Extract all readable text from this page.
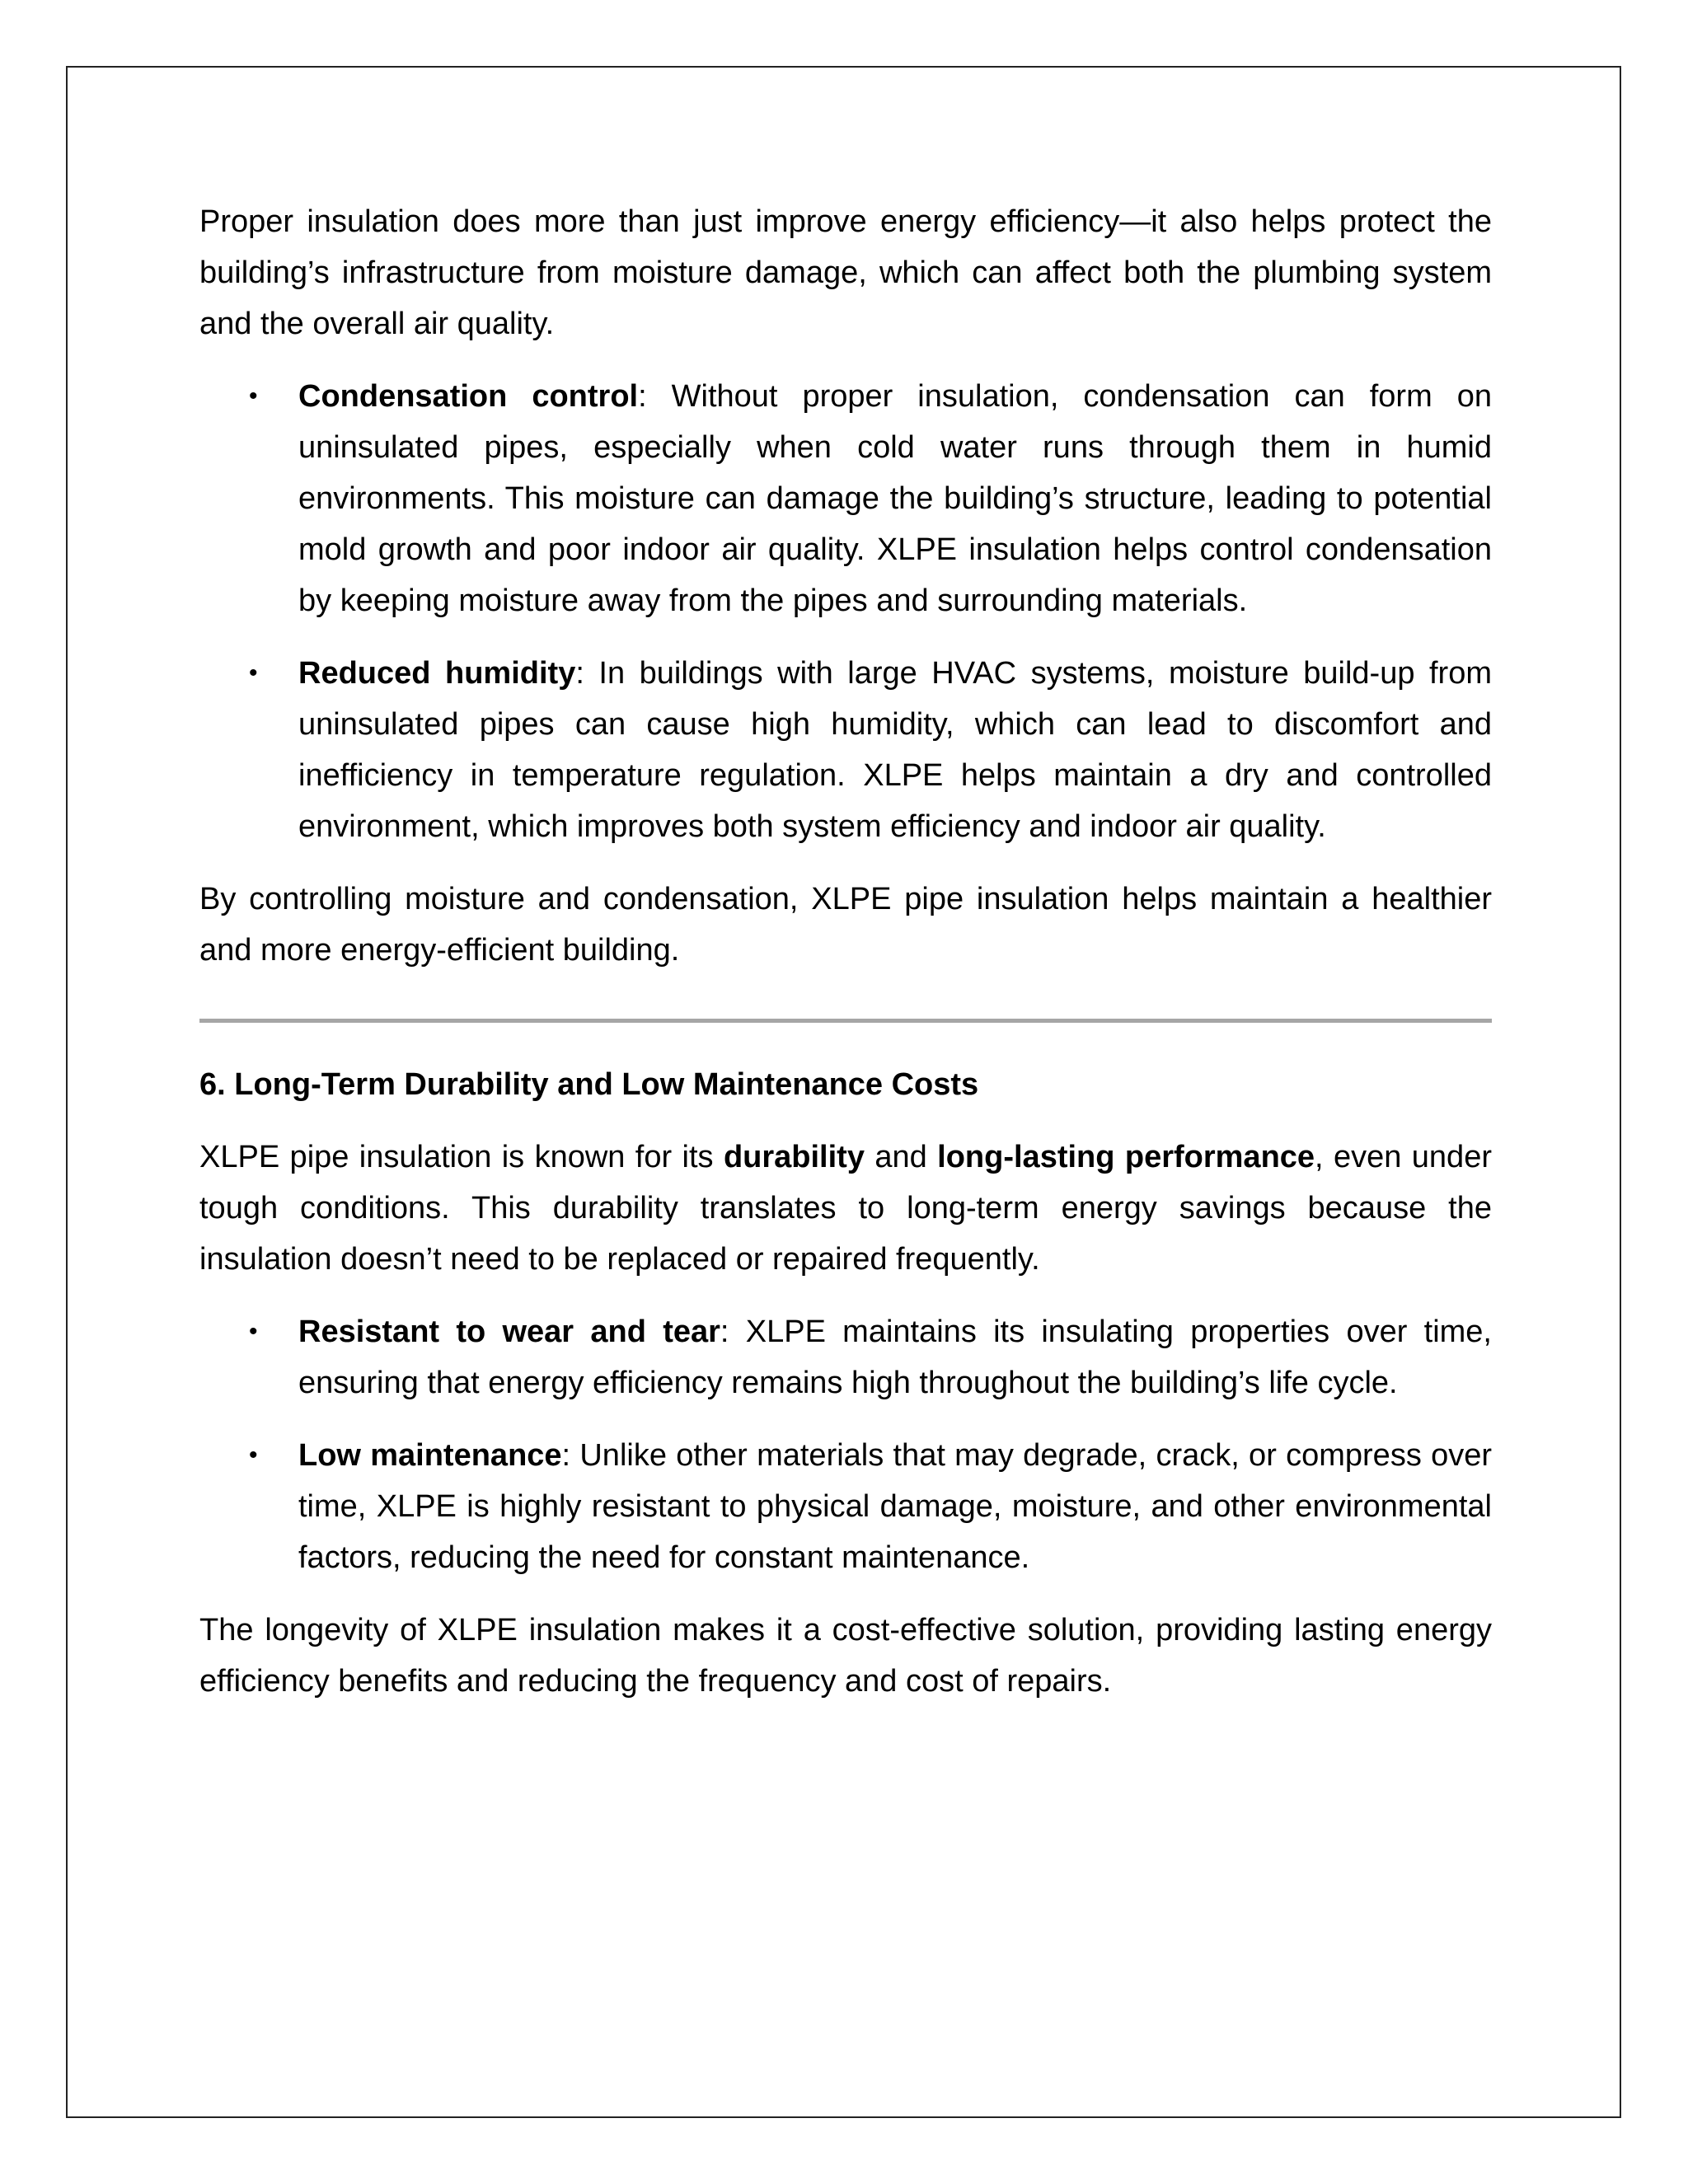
Proper insulation does more than just improve energy efficiency—it also helps protect the building’s infrastructure from moisture damage, which can affect both the plumbing system and the overall air quality.

• Condensation control: Without proper insulation, condensation can form on uninsulated pipes, especially when cold water runs through them in humid environments. This moisture can damage the building’s structure, leading to potential mold growth and poor indoor air quality. XLPE insulation helps control condensation by keeping moisture away from the pipes and surrounding materials.
• Reduced humidity: In buildings with large HVAC systems, moisture build-up from uninsulated pipes can cause high humidity, which can lead to discomfort and inefficiency in temperature regulation. XLPE helps maintain a dry and controlled environment, which improves both system efficiency and indoor air quality.

By controlling moisture and condensation, XLPE pipe insulation helps maintain a healthier and more energy-efficient building.

6. Long-Term Durability and Low Maintenance Costs

XLPE pipe insulation is known for its durability and long-lasting performance, even under tough conditions. This durability translates to long-term energy savings because the insulation doesn’t need to be replaced or repaired frequently.

• Resistant to wear and tear: XLPE maintains its insulating properties over time, ensuring that energy efficiency remains high throughout the building’s life cycle.
• Low maintenance: Unlike other materials that may degrade, crack, or compress over time, XLPE is highly resistant to physical damage, moisture, and other environmental factors, reducing the need for constant maintenance.

The longevity of XLPE insulation makes it a cost-effective solution, providing lasting energy efficiency benefits and reducing the frequency and cost of repairs.
